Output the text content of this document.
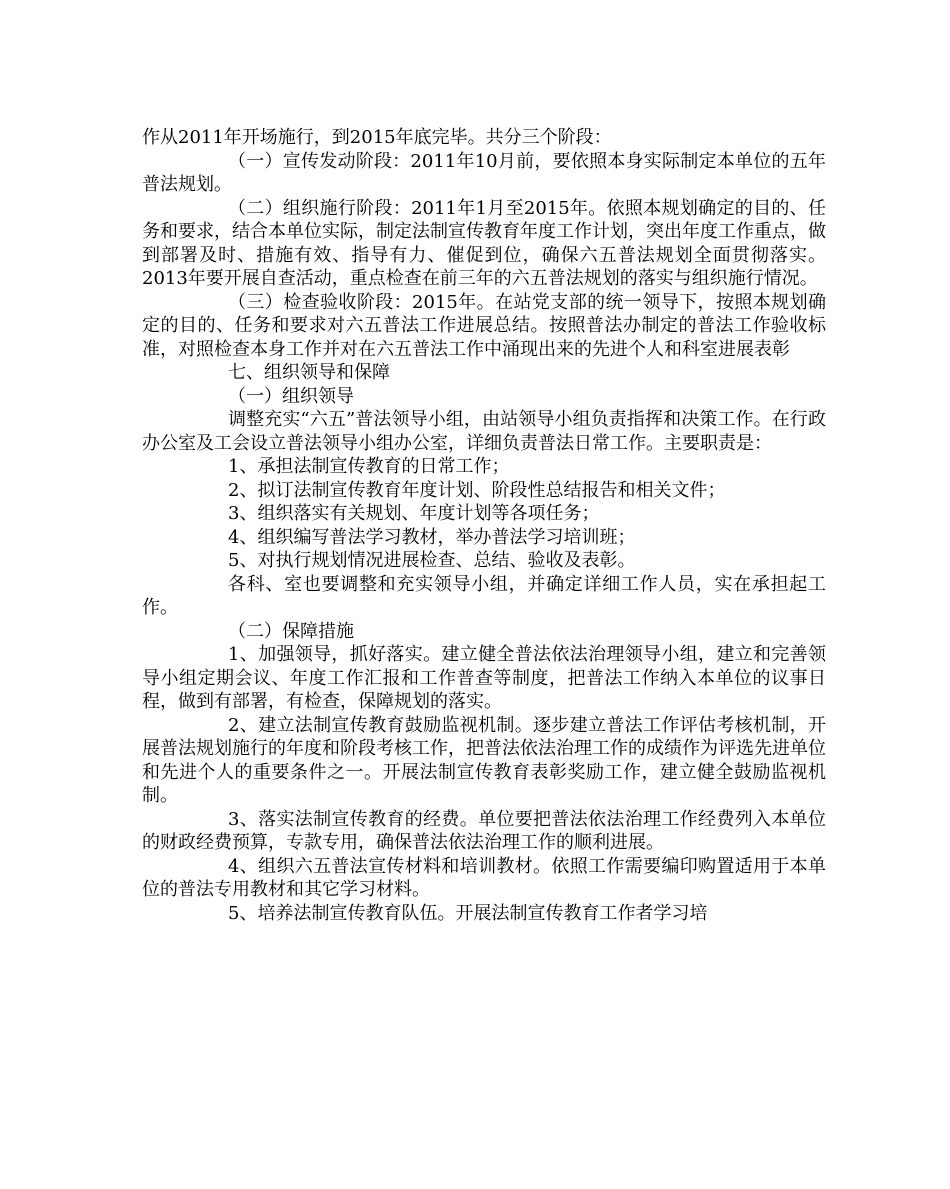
作从2011年开场施行，到2015年底完毕。共分三个阶段：

（一）宣传发动阶段：2011年10月前，要依照本身实际制定本单位的五年普法规划。

（二）组织施行阶段：2011年1月至2015年。依照本规划确定的目的、任务和要求，结合本单位实际，制定法制宣传教育年度工作计划，突出年度工作重点，做到部署及时、措施有效、指导有力、催促到位，确保六五普法规划全面贯彻落实。2013年要开展自查活动，重点检查在前三年的六五普法规划的落实与组织施行情况。

（三）检查验收阶段：2015年。在站党支部的统一领导下，按照本规划确定的目的、任务和要求对六五普法工作进展总结。按照普法办制定的普法工作验收标准，对照检查本身工作并对在六五普法工作中涌现出来的先进个人和科室进展表彰

七、组织领导和保障

（一）组织领导

调整充实“六五”普法领导小组，由站领导小组负责指挥和决策工作。在行政办公室及工会设立普法领导小组办公室，详细负责普法日常工作。主要职责是：

1、承担法制宣传教育的日常工作；

2、拟订法制宣传教育年度计划、阶段性总结报告和相关文件；

3、组织落实有关规划、年度计划等各项任务；

4、组织编写普法学习教材，举办普法学习培训班；

5、对执行规划情况进展检查、总结、验收及表彰。

各科、室也要调整和充实领导小组，并确定详细工作人员，实在承担起工作。

（二）保障措施

1、加强领导，抓好落实。建立健全普法依法治理领导小组，建立和完善领导小组定期会议、年度工作汇报和工作普查等制度，把普法工作纳入本单位的议事日程，做到有部署，有检查，保障规划的落实。

2、建立法制宣传教育鼓励监视机制。逐步建立普法工作评估考核机制，开展普法规划施行的年度和阶段考核工作，把普法依法治理工作的成绩作为评选先进单位和先进个人的重要条件之一。开展法制宣传教育表彰奖励工作，建立健全鼓励监视机制。

3、落实法制宣传教育的经费。单位要把普法依法治理工作经费列入本单位的财政经费预算，专款专用，确保普法依法治理工作的顺利进展。

4、组织六五普法宣传材料和培训教材。依照工作需要编印购置适用于本单位的普法专用教材和其它学习材料。

5、培养法制宣传教育队伍。开展法制宣传教育工作者学习培
